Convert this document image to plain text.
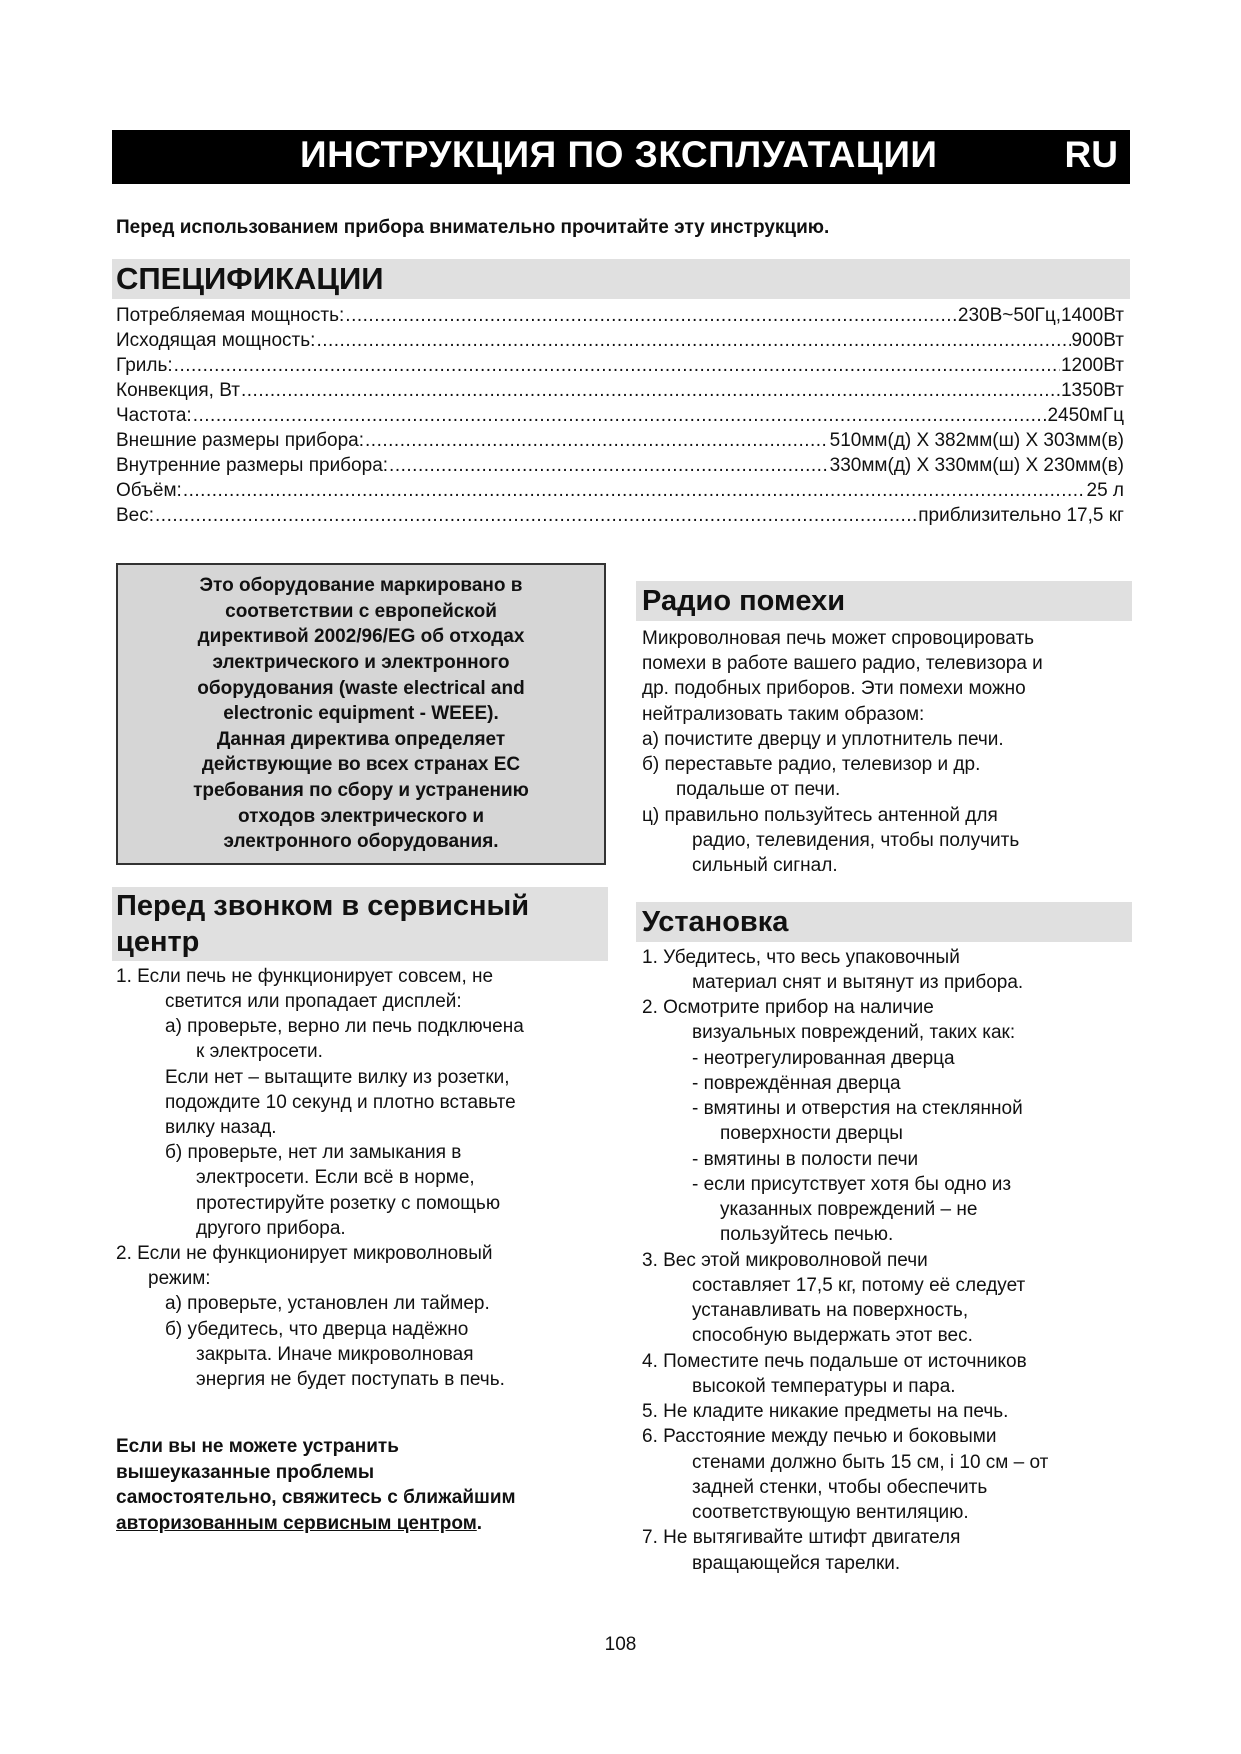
ИНСТРУКЦИЯ ПО ЗКСПЛУАТАЦИИ	RU
Перед использованием прибора внимательно прочитайте эту инструкцию.
СПЕЦИФИКАЦИИ
Потребляемая мощность: .....	230В~50Гц,1400Вт
Исходящая мощность: .....	900Вт
Гриль: .....	1200Вт
Конвекция, Вт .....	1350Вт
Частота: .....	2450мГц
Внешние размеры прибора: .....	510мм(д) X 382мм(ш) X 303мм(в)
Внутренние размеры прибора: .....	330мм(д) X 330мм(ш) X 230мм(в)
Объём: .....	25 л
Вес: .....	приблизительно 17,5 кг

Это оборудование маркировано в
соответствии с европейской
директивой 2002/96/EG об отходах
электрического и электронного
оборудования (waste electrical and
electronic equipment - WEEE).
Данная директива определяет
действующие во всех странах ЕС
требования по сбору и устранению
отходов электрического и
электронного оборудования.

Перед звонком в сервисный
центр
1. Если печь не функционирует совсем, не
светится или пропадает дисплей:
а) проверьте, верно ли печь подключена
к электросети.
Если нет – вытащите вилку из розетки,
подождите 10 секунд и плотно вставьте
вилку назад.
б) проверьте, нет ли замыкания в
электросети. Если всё в норме,
протестируйте розетку с помощью
другого прибора.
2. Если не функционирует микроволновый
режим:
а) проверьте, установлен ли таймер.
б) убедитесь, что дверца надёжно
закрыта. Иначе микроволновая
энергия не будет поступать в печь.
Если вы не можете устранить
вышеуказанные проблемы
самостоятельно, свяжитесь с ближайшим
авторизованным сервисным центром.
Радио помехи
Микроволновая печь может спровоцировать
помехи в работе вашего радио, телевизора и
др. подобных приборов. Эти помехи можно
нейтрализовать таким образом:
а) почистите дверцу и уплотнитель печи.
б) переставьте радио, телевизор и др.
подальше от печи.
ц) правильно пользуйтесь антенной для
радио, телевидения, чтобы получить
сильный сигнал.
Установка
1. Убедитесь, что весь упаковочный
материал снят и вытянут из прибора.
2. Осмотрите прибор на наличие
визуальных повреждений, таких как:
- неотрегулированная дверца
- повреждённая дверца
- вмятины и отверстия на стеклянной
поверхности дверцы
- вмятины в полости печи
- если присутствует хотя бы одно из
указанных повреждений – не
пользуйтесь печью.
3. Вес этой микроволновой печи
составляет 17,5 кг, потому её следует
устанавливать на поверхность,
способную выдержать этот вес.
4. Поместите печь подальше от источников
высокой температуры и пара.
5. Не кладите никакие предметы на печь.
6. Расстояние между печью и боковыми
стенами должно быть 15 см, і 10 см – от
задней стенки, чтобы обеспечить
соответствующую вентиляцию.
7. Не вытягивайте штифт двигателя
вращающейся тарелки.
108
